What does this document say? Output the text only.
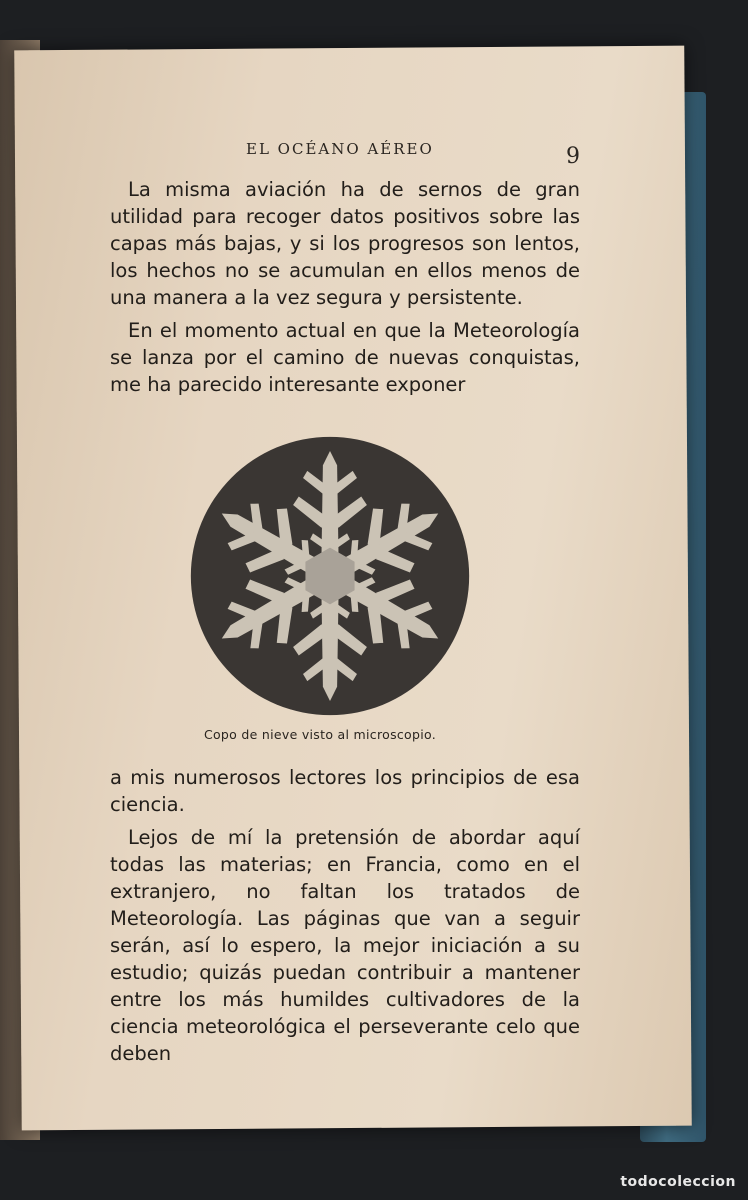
EL OCÉANO AÉREO	9

La misma aviación ha de sernos de gran utilidad para recoger datos positivos sobre las capas más bajas, y si los progresos son lentos, los hechos no se acumulan en ellos menos de una manera a la vez segura y persistente.

En el momento actual en que la Meteorología se lanza por el camino de nuevas conquistas, me ha parecido interesante exponer

Copo de nieve visto al microscopio.

a mis numerosos lectores los principios de esa ciencia.

Lejos de mí la pretensión de abordar aquí todas las materias; en Francia, como en el extranjero, no faltan los tratados de Meteorología. Las páginas que van a seguir serán, así lo espero, la mejor iniciación a su estudio; quizás puedan contribuir a mantener entre los más humildes cultivadores de la ciencia meteorológica el perseverante celo que deben

todocoleccion
